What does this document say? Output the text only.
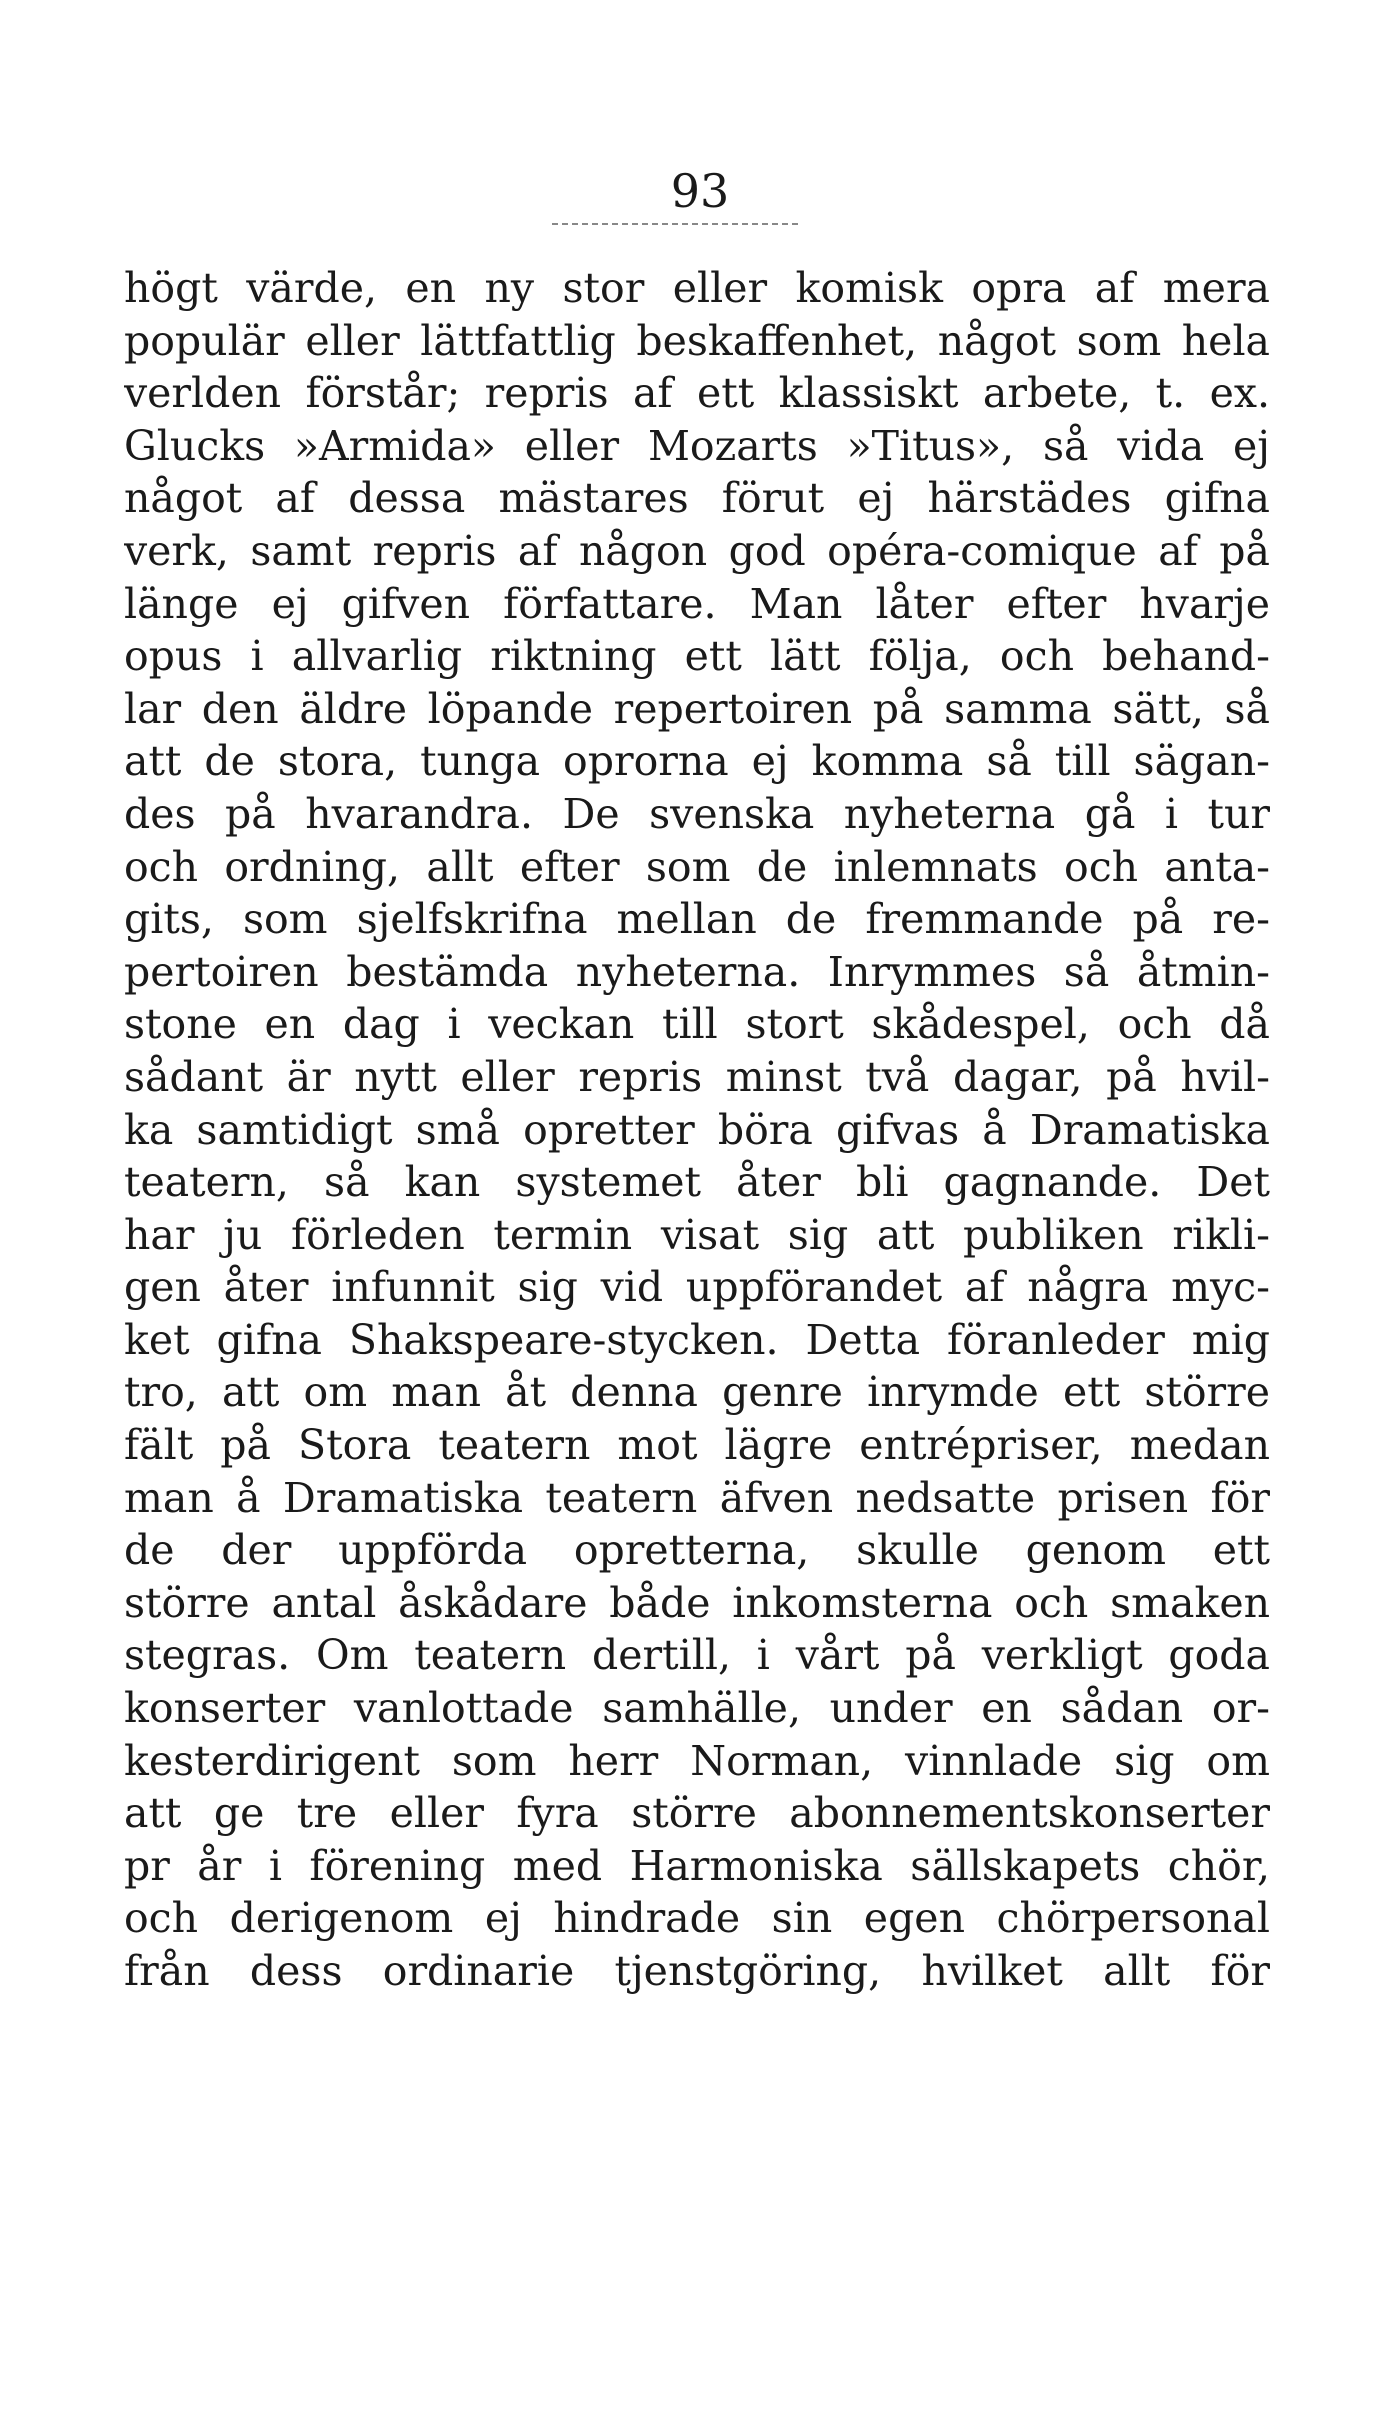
93
högt värde, en ny stor eller komisk opra af mera
populär eller lättfattlig beskaffenhet, något som hela
verlden förstår; repris af ett klassiskt arbete, t. ex.
Glucks »Armida» eller Mozarts »Titus», så vida ej
något af dessa mästares förut ej härstädes gifna
verk, samt repris af någon god opéra-comique af på
länge ej gifven författare. Man låter efter hvarje
opus i allvarlig riktning ett lätt följa, och behand-
lar den äldre löpande repertoiren på samma sätt, så
att de stora, tunga oprorna ej komma så till sägan-
des på hvarandra. De svenska nyheterna gå i tur
och ordning, allt efter som de inlemnats och anta-
gits, som sjelfskrifna mellan de fremmande på re-
pertoiren bestämda nyheterna. Inrymmes så åtmin-
stone en dag i veckan till stort skådespel, och då
sådant är nytt eller repris minst två dagar, på hvil-
ka samtidigt små opretter böra gifvas å Dramatiska
teatern, så kan systemet åter bli gagnande. Det
har ju förleden termin visat sig att publiken rikli-
gen åter infunnit sig vid uppförandet af några myc-
ket gifna Shakspeare-stycken. Detta föranleder mig
tro, att om man åt denna genre inrymde ett större
fält på Stora teatern mot lägre entrépriser, medan
man å Dramatiska teatern äfven nedsatte prisen för
de der uppförda opretterna, skulle genom ett
större antal åskådare både inkomsterna och smaken
stegras. Om teatern dertill, i vårt på verkligt goda
konserter vanlottade samhälle, under en sådan or-
kesterdirigent som herr Norman, vinnlade sig om
att ge tre eller fyra större abonnementskonserter
pr år i förening med Harmoniska sällskapets chör,
och derigenom ej hindrade sin egen chörpersonal
från dess ordinarie tjenstgöring, hvilket allt för
